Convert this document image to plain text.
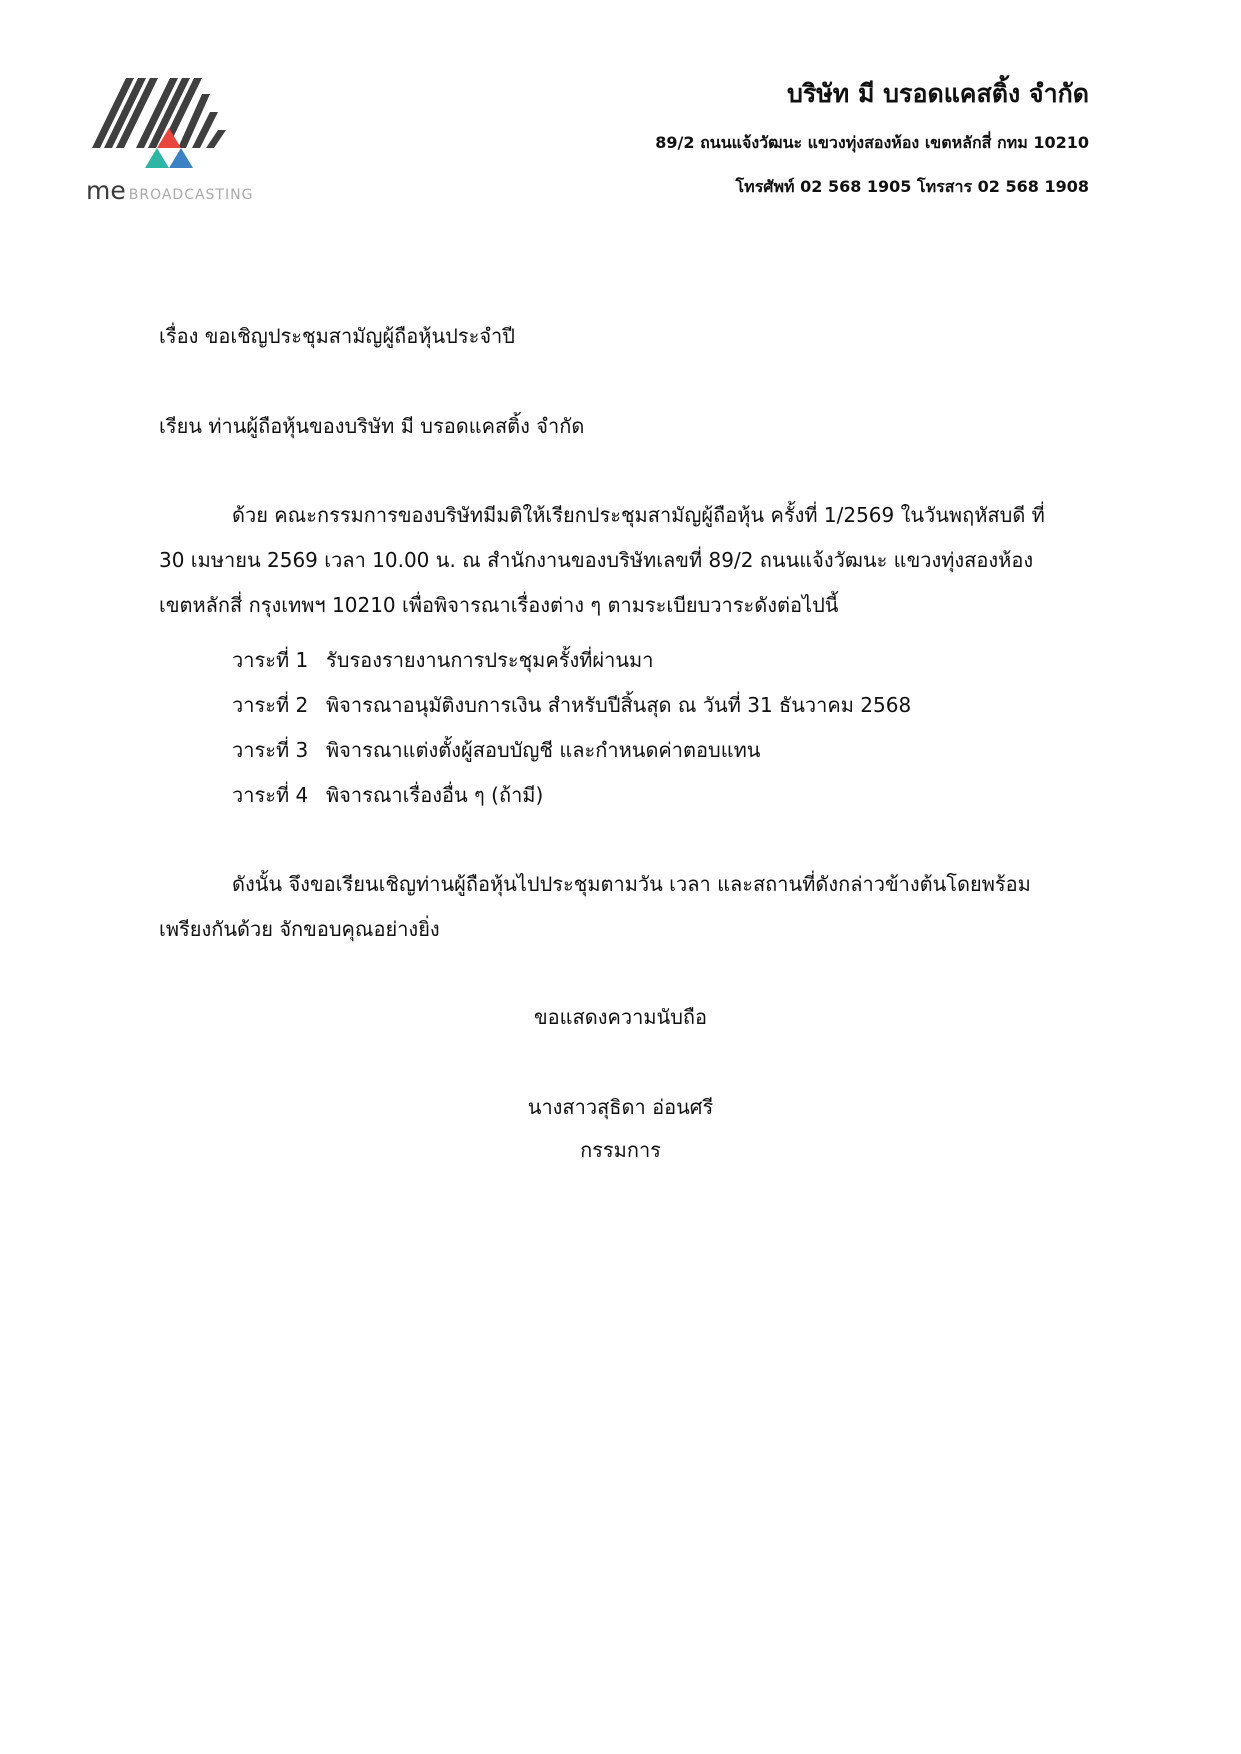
me BROADCASTING
บริษัท มี บรอดแคสติ้ง จำกัด
89/2 ถนนแจ้งวัฒนะ แขวงทุ่งสองห้อง เขตหลักสี่ กทม 10210
โทรศัพท์ 02 568 1905 โทรสาร 02 568 1908
เรื่อง ขอเชิญประชุมสามัญผู้ถือหุ้นประจำปี
เรียน ท่านผู้ถือหุ้นของบริษัท มี บรอดแคสติ้ง จำกัด
ด้วย คณะกรรมการของบริษัทมีมติให้เรียกประชุมสามัญผู้ถือหุ้น ครั้งที่ 1/2569 ในวันพฤหัสบดี ที่
30 เมษายน 2569 เวลา 10.00 น. ณ สำนักงานของบริษัทเลขที่ 89/2 ถนนแจ้งวัฒนะ แขวงทุ่งสองห้อง
เขตหลักสี่ กรุงเทพฯ 10210 เพื่อพิจารณาเรื่องต่าง ๆ ตามระเบียบวาระดังต่อไปนี้
วาระที่ 1 รับรองรายงานการประชุมครั้งที่ผ่านมา
วาระที่ 2 พิจารณาอนุมัติงบการเงิน สำหรับปีสิ้นสุด ณ วันที่ 31 ธันวาคม 2568
วาระที่ 3 พิจารณาแต่งตั้งผู้สอบบัญชี และกำหนดค่าตอบแทน
วาระที่ 4 พิจารณาเรื่องอื่น ๆ (ถ้ามี)
ดังนั้น จึงขอเรียนเชิญท่านผู้ถือหุ้นไปประชุมตามวัน เวลา และสถานที่ดังกล่าวข้างต้นโดยพร้อม
เพรียงกันด้วย จักขอบคุณอย่างยิ่ง
ขอแสดงความนับถือ
นางสาวสุธิดา อ่อนศรี
กรรมการ
